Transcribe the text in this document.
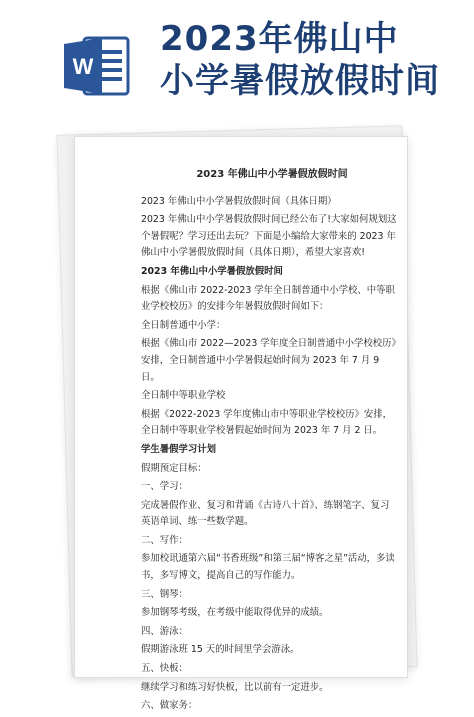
W
2023年佛山中
小学暑假放假时间
2023 年佛山中小学暑假放假时间

2023 年佛山中小学暑假放假时间（具体日期）

2023 年佛山中小学暑假放假时间已经公布了!大家如何规划这个暑假呢？学习还出去玩？下面是小编给大家带来的 2023 年佛山中小学暑假放假时间（具体日期），希望大家喜欢!

2023 年佛山中小学暑假放假时间

根据《佛山市 2022-2023 学年全日制普通中小学校、中等职业学校校历》的安排今年暑假放假时间如下：

全日制普通中小学：

根据《佛山市 2022—2023 学年度全日制普通中小学校校历》安排，全日制普通中小学暑假起始时间为 2023 年 7 月 9 日。

全日制中等职业学校

根据《2022-2023 学年度佛山市中等职业学校校历》安排，全日制中等职业学校暑假起始时间为 2023 年 7 月 2 日。

学生暑假学习计划

假期预定目标：

一、学习：

完成暑假作业、复习和背诵《古诗八十首》、练钢笔字、复习英语单词、练一些数学题。

二、写作：

参加校讯通第六届“书香班级”和第三届“博客之星”活动，多读书，多写博文，提高自己的写作能力。

三、钢琴：

参加钢琴考级，在考级中能取得优异的成绩。

四、游泳：

假期游泳班 15 天的时间里学会游泳。

五、快板：

继续学习和练习好快板，比以前有一定进步。

六、做家务：
